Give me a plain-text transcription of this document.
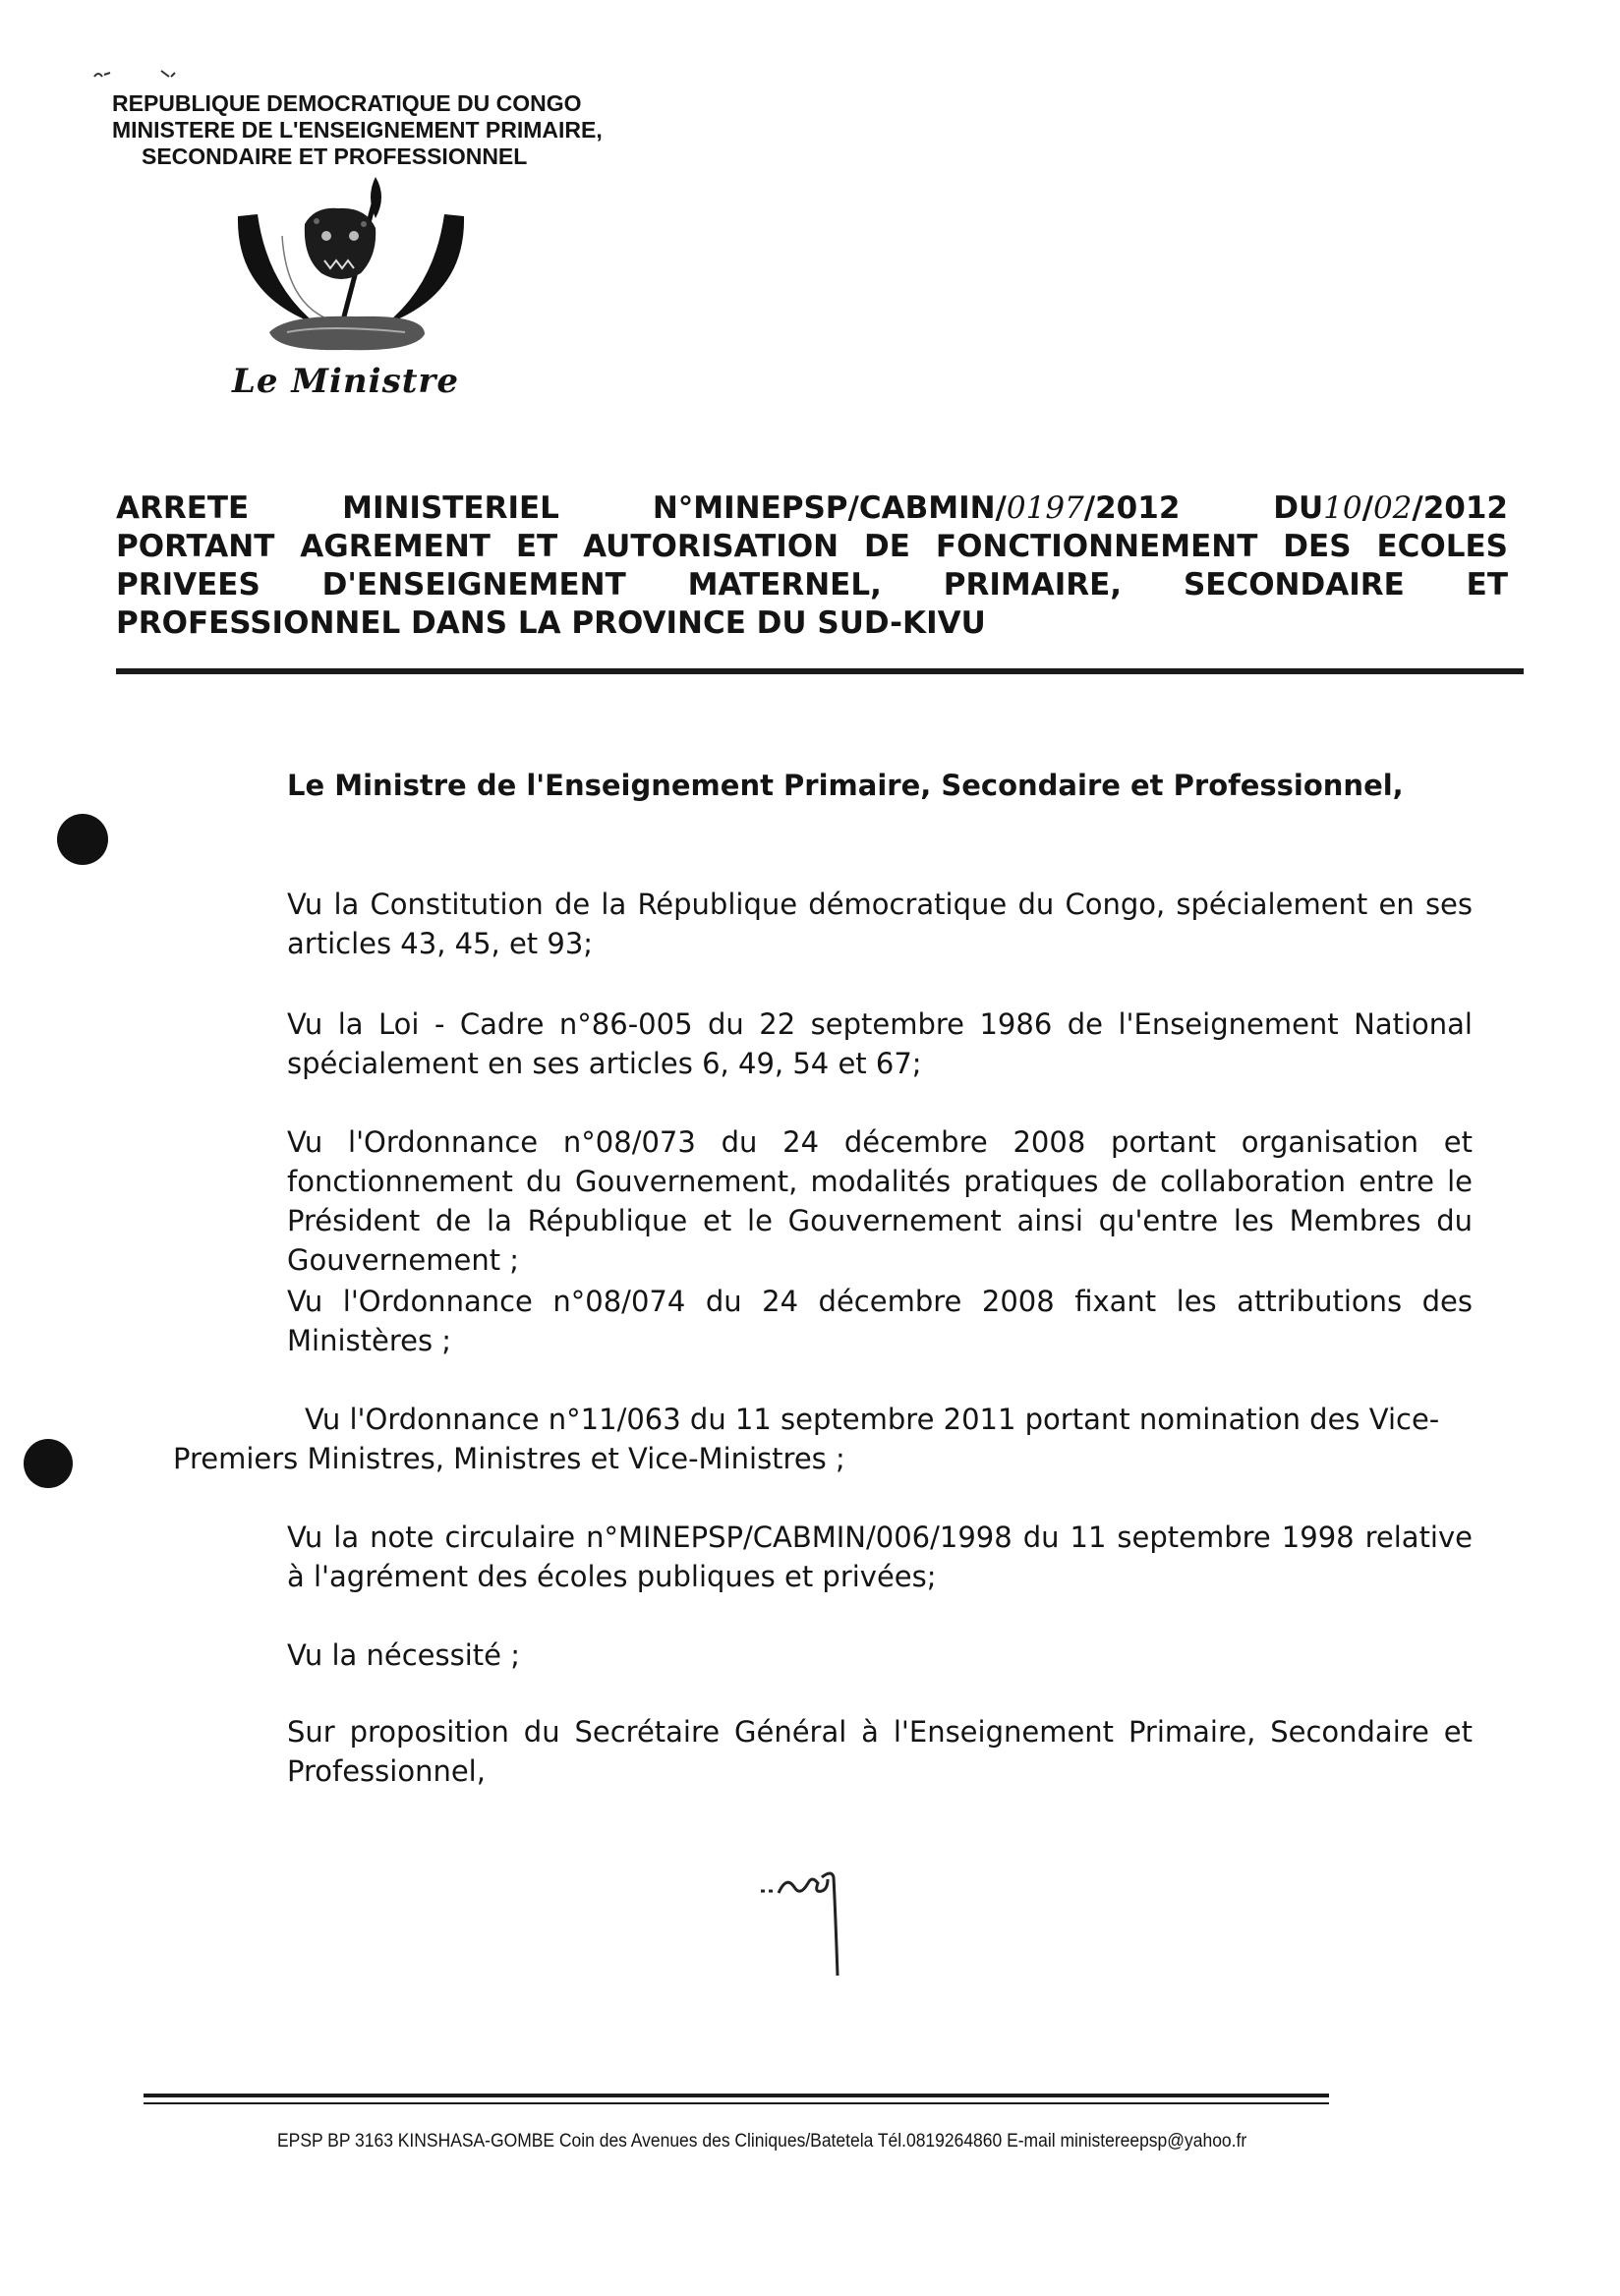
REPUBLIQUE DEMOCRATIQUE DU CONGO
MINISTERE DE L'ENSEIGNEMENT PRIMAIRE,
SECONDAIRE ET PROFESSIONNEL
Le Ministre
ARRETE	MINISTERIEL	N°MINEPSP/CABMIN/0197/2012	DU10/02/2012
PORTANT AGREMENT ET AUTORISATION DE FONCTIONNEMENT DES ECOLES
PRIVEES D'ENSEIGNEMENT MATERNEL, PRIMAIRE, SECONDAIRE ET
PROFESSIONNEL DANS LA PROVINCE DU SUD-KIVU
Le Ministre de l'Enseignement Primaire, Secondaire et Professionnel,
Vu la Constitution de la République démocratique du Congo, spécialement en ses articles 43, 45, et 93;
Vu la Loi - Cadre n°86-005 du 22 septembre 1986 de l'Enseignement National spécialement en ses articles 6, 49, 54 et 67;
Vu l'Ordonnance n°08/073 du 24 décembre 2008 portant organisation et fonctionnement du Gouvernement, modalités pratiques de collaboration entre le Président de la République et le Gouvernement ainsi qu'entre les Membres du Gouvernement ;
Vu l'Ordonnance n°08/074 du 24 décembre 2008 fixant les attributions des Ministères ;
Vu l'Ordonnance n°11/063 du 11 septembre 2011 portant nomination des Vice-
Premiers Ministres, Ministres et Vice-Ministres ;
Vu la note circulaire n°MINEPSP/CABMIN/006/1998 du 11 septembre 1998 relative à l'agrément des écoles publiques et privées;
Vu la nécessité ;
Sur proposition du Secrétaire Général à l'Enseignement Primaire, Secondaire et Professionnel,
EPSP BP 3163 KINSHASA-GOMBE Coin des Avenues des Cliniques/Batetela Tél.0819264860 E-mail ministereepsp@yahoo.fr
